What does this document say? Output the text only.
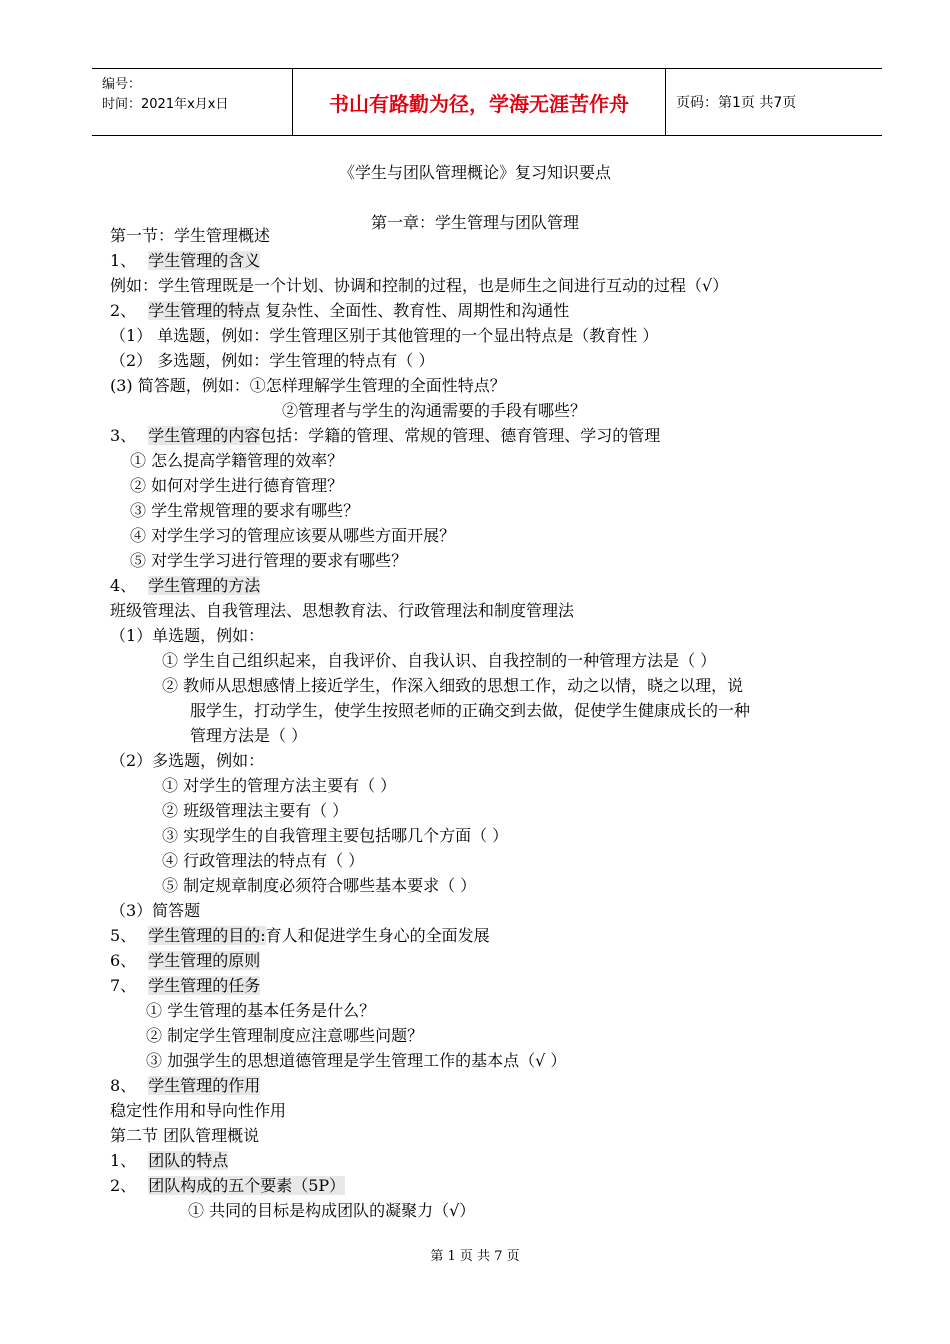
编号：
时间：2021年x月x日	书山有路勤为径，学海无涯苦作舟	页码：第1页 共7页
《学生与团队管理概论》复习知识要点
第一章：学生管理与团队管理
第一节：学生管理概述
1、 学生管理的含义
例如：学生管理既是一个计划、协调和控制的过程，也是师生之间进行互动的过程（√）
2、 学生管理的特点 复杂性、全面性、教育性、周期性和沟通性
（1） 单选题，例如：学生管理区别于其他管理的一个显出特点是（教育性 ）
（2） 多选题，例如：学生管理的特点有（ ）
(3) 简答题，例如：①怎样理解学生管理的全面性特点？
②管理者与学生的沟通需要的手段有哪些？
3、 学生管理的内容包括：学籍的管理、常规的管理、德育管理、学习的管理
① 怎么提高学籍管理的效率？
② 如何对学生进行德育管理？
③ 学生常规管理的要求有哪些？
④ 对学生学习的管理应该要从哪些方面开展？
⑤ 对学生学习进行管理的要求有哪些？
4、 学生管理的方法
班级管理法、自我管理法、思想教育法、行政管理法和制度管理法
（1）单选题，例如：
① 学生自己组织起来，自我评价、自我认识、自我控制的一种管理方法是（ ）
② 教师从思想感情上接近学生，作深入细致的思想工作，动之以情，晓之以理，说
服学生，打动学生，使学生按照老师的正确交到去做，促使学生健康成长的一种
管理方法是（ ）
（2）多选题，例如：
① 对学生的管理方法主要有（ ）
② 班级管理法主要有（ ）
③ 实现学生的自我管理主要包括哪几个方面（ ）
④ 行政管理法的特点有（ ）
⑤ 制定规章制度必须符合哪些基本要求（ ）
（3）简答题
5、 学生管理的目的:育人和促进学生身心的全面发展
6、 学生管理的原则
7、 学生管理的任务
① 学生管理的基本任务是什么？
② 制定学生管理制度应注意哪些问题？
③ 加强学生的思想道德管理是学生管理工作的基本点（√ ）
8、 学生管理的作用
稳定性作用和导向性作用
第二节 团队管理概说
1、 团队的特点
2、 团队构成的五个要素（5P）
① 共同的目标是构成团队的凝聚力（√）
第 1 页 共 7 页
